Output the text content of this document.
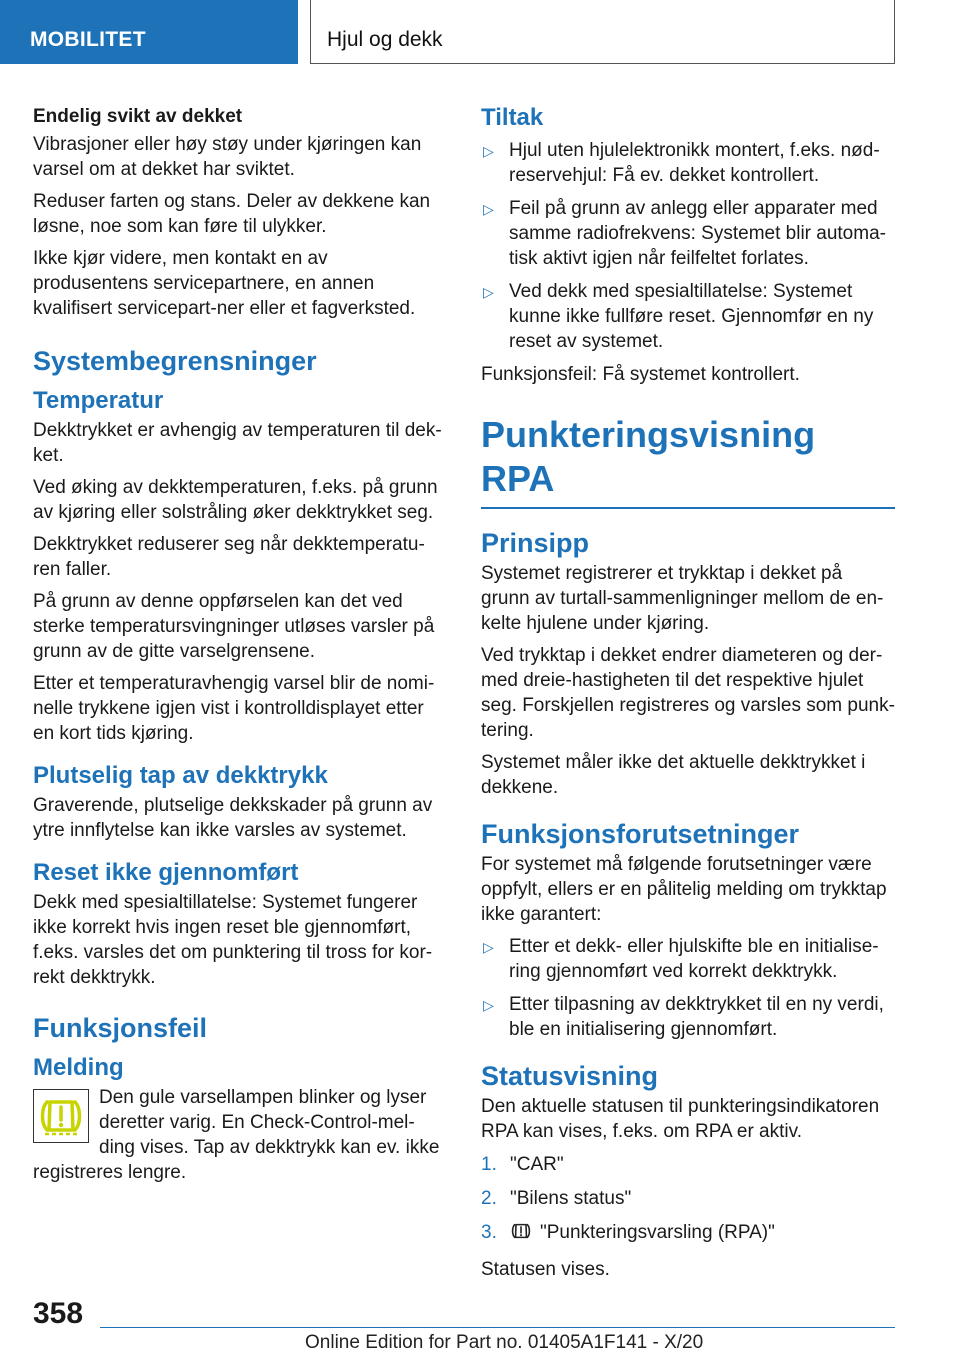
MOBILITET	Hjul og dekk
Endelig svikt av dekket

Vibrasjoner eller høy støy under kjøringen kan varsel om at dekket har sviktet.

Reduser farten og stans. Deler av dekkene kan løsne, noe som kan føre til ulykker.

Ikke kjør videre, men kontakt en av produsentens servicepartnere, en annen kvalifisert servicepart-ner eller et fagverksted.

Systembegrensninger
Temperatur

Dekktrykket er avhengig av temperaturen til dek-ket.

Ved øking av dekktemperaturen, f.eks. på grunn av kjøring eller solstråling øker dekktrykket seg.

Dekktrykket reduserer seg når dekktemperatu-ren faller.

På grunn av denne oppførselen kan det ved sterke temperatursvingninger utløses varsler på grunn av de gitte varselgrensene.

Etter et temperaturavhengig varsel blir de nomi-nelle trykkene igjen vist i kontrolldisplayet etter en kort tids kjøring.

Plutselig tap av dekktrykk

Graverende, plutselige dekkskader på grunn av ytre innflytelse kan ikke varsles av systemet.

Reset ikke gjennomført

Dekk med spesialtillatelse: Systemet fungerer ikke korrekt hvis ingen reset ble gjennomført, f.eks. varsles det om punktering til tross for kor-rekt dekktrykk.

Funksjonsfeil
Melding

Den gule varsellampen blinker og lyser deretter varig. En Check-Control-mel-ding vises. Tap av dekktrykk kan ev. ikke registreres lengre.

Tiltak
▷ Hjul uten hjulelektronikk montert, f.eks. nød-reservehjul: Få ev. dekket kontrollert.
▷ Feil på grunn av anlegg eller apparater med samme radiofrekvens: Systemet blir automa-tisk aktivt igjen når feilfeltet forlates.
▷ Ved dekk med spesialtillatelse: Systemet kunne ikke fullføre reset. Gjennomfør en ny reset av systemet.

Funksjonsfeil: Få systemet kontrollert.

Punkteringsvisning RPA
Prinsipp

Systemet registrerer et trykktap i dekket på grunn av turtall-sammenligninger mellom de en-kelte hjulene under kjøring.

Ved trykktap i dekket endrer diameteren og der-med dreie-hastigheten til det respektive hjulet seg. Forskjellen registreres og varsles som punk-tering.

Systemet måler ikke det aktuelle dekktrykket i dekkene.

Funksjonsforutsetninger

For systemet må følgende forutsetninger være oppfylt, ellers er en pålitelig melding om trykktap ikke garantert:

▷ Etter et dekk- eller hjulskifte ble en initialise-ring gjennomført ved korrekt dekktrykk.
▷ Etter tilpasning av dekktrykket til en ny verdi, ble en initialisering gjennomført.
Statusvisning

Den aktuelle statusen til punkteringsindikatoren RPA kan vises, f.eks. om RPA er aktiv.

1. "CAR"
2. "Bilens status"
3. "Punkteringsvarsling (RPA)"

Statusen vises.

358
Online Edition for Part no. 01405A1F141 - X/20
